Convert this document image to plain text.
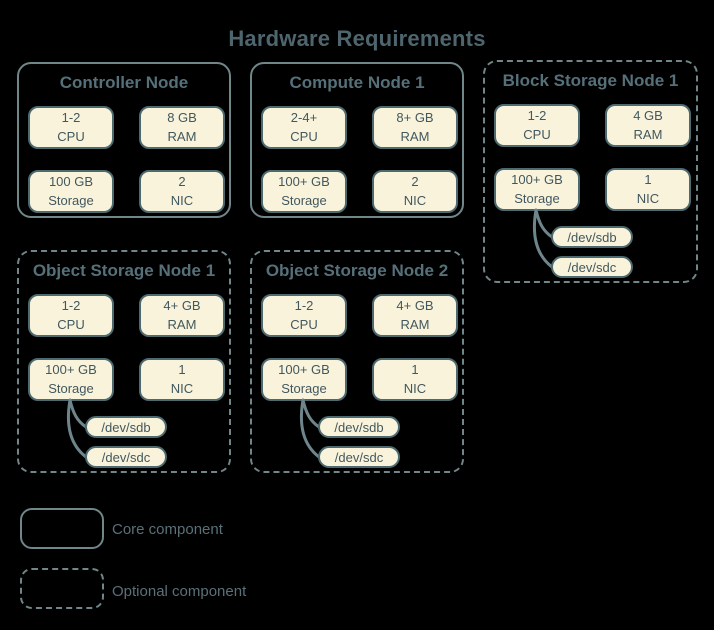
Hardware Requirements
Controller Node
1-2
CPU
8 GB
RAM
100 GB
Storage
2
NIC
Compute Node 1
2-4+
CPU
8+ GB
RAM
100+ GB
Storage
2
NIC
Block Storage Node 1
1-2
CPU
4 GB
RAM
100+ GB
Storage
1
NIC
/dev/sdb
/dev/sdc
Object Storage Node 1
1-2
CPU
4+ GB
RAM
100+ GB
Storage
1
NIC
/dev/sdb
/dev/sdc
Object Storage Node 2
1-2
CPU
4+ GB
RAM
100+ GB
Storage
1
NIC
/dev/sdb
/dev/sdc
Core component
Optional component
